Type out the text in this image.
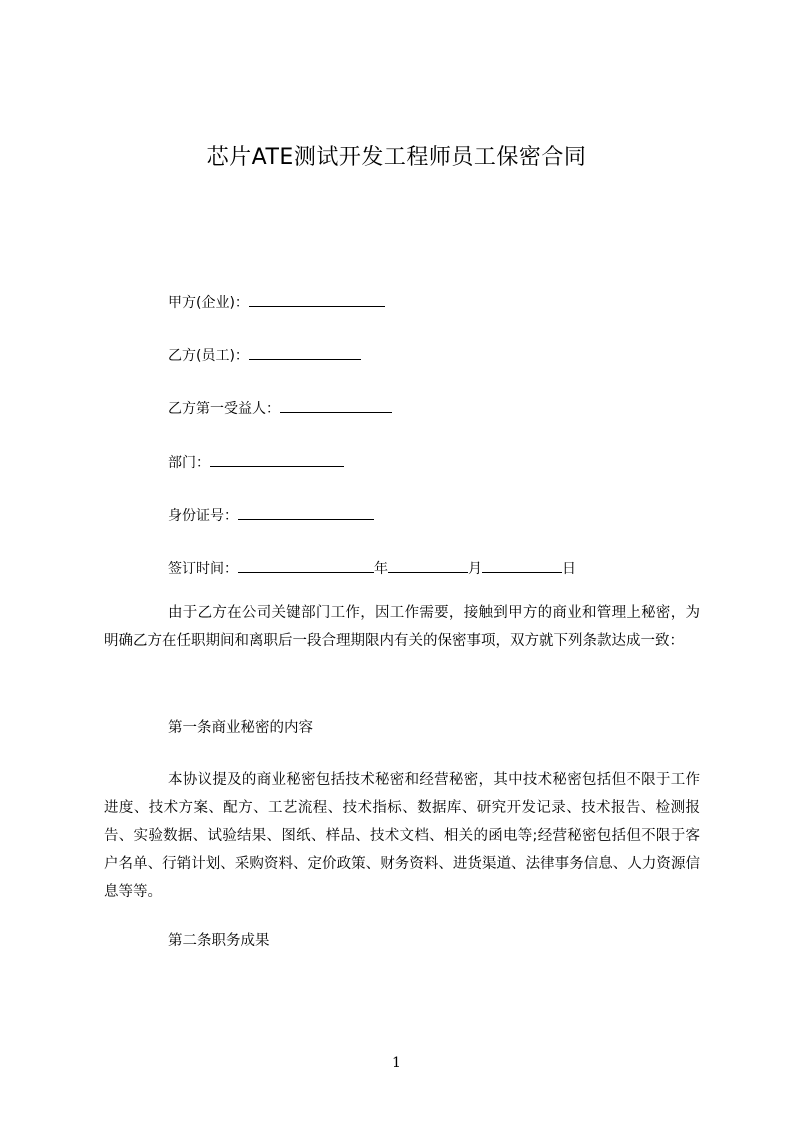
芯片ATE测试开发工程师员工保密合同
甲方(企业)：
乙方(员工)：
乙方第一受益人：
部门：
身份证号：
签订时间：	年	月	日
由于乙方在公司关键部门工作，因工作需要，接触到甲方的商业和管理上秘密，为明确乙方在任职期间和离职后一段合理期限内有关的保密事项，双方就下列条款达成一致：
第一条商业秘密的内容
本协议提及的商业秘密包括技术秘密和经营秘密，其中技术秘密包括但不限于工作进度、技术方案、配方、工艺流程、技术指标、数据库、研究开发记录、技术报告、检测报告、实验数据、试验结果、图纸、样品、技术文档、相关的函电等;经营秘密包括但不限于客户名单、行销计划、采购资料、定价政策、财务资料、进货渠道、法律事务信息、人力资源信息等等。
第二条职务成果
1
